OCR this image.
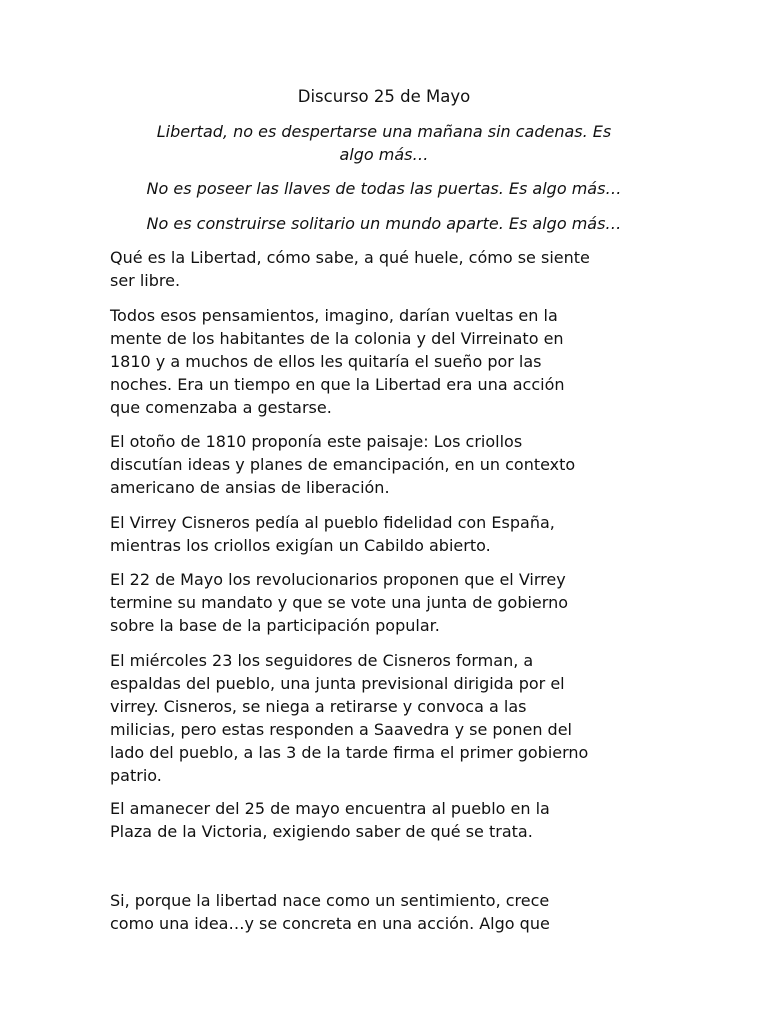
Discurso 25 de Mayo

Libertad, no es despertarse una mañana sin cadenas. Es
algo más…

No es poseer las llaves de todas las puertas. Es algo más…

No es construirse solitario un mundo aparte. Es algo más…

Qué es la Libertad, cómo sabe, a qué huele, cómo se siente
ser libre.

Todos esos pensamientos, imagino, darían vueltas en la
mente de los habitantes de la colonia y del Virreinato en
1810 y a muchos de ellos les quitaría el sueño por las
noches. Era un tiempo en que la Libertad era una acción
que comenzaba a gestarse.

El otoño de 1810 proponía este paisaje: Los criollos
discutían ideas y planes de emancipación, en un contexto
americano de ansias de liberación.

El Virrey Cisneros pedía al pueblo fidelidad con España,
mientras los criollos exigían un Cabildo abierto.

El 22 de Mayo los revolucionarios proponen que el Virrey
termine su mandato y que se vote una junta de gobierno
sobre la base de la participación popular.

El miércoles 23 los seguidores de Cisneros forman, a
espaldas del pueblo, una junta previsional dirigida por el
virrey. Cisneros, se niega a retirarse y convoca a las
milicias, pero estas responden a Saavedra y se ponen del
lado del pueblo, a las 3 de la tarde firma el primer gobierno
patrio.

El amanecer del 25 de mayo encuentra al pueblo en la
Plaza de la Victoria, exigiendo saber de qué se trata.

Si, porque la libertad nace como un sentimiento, crece
como una idea…y se concreta en una acción. Algo que
